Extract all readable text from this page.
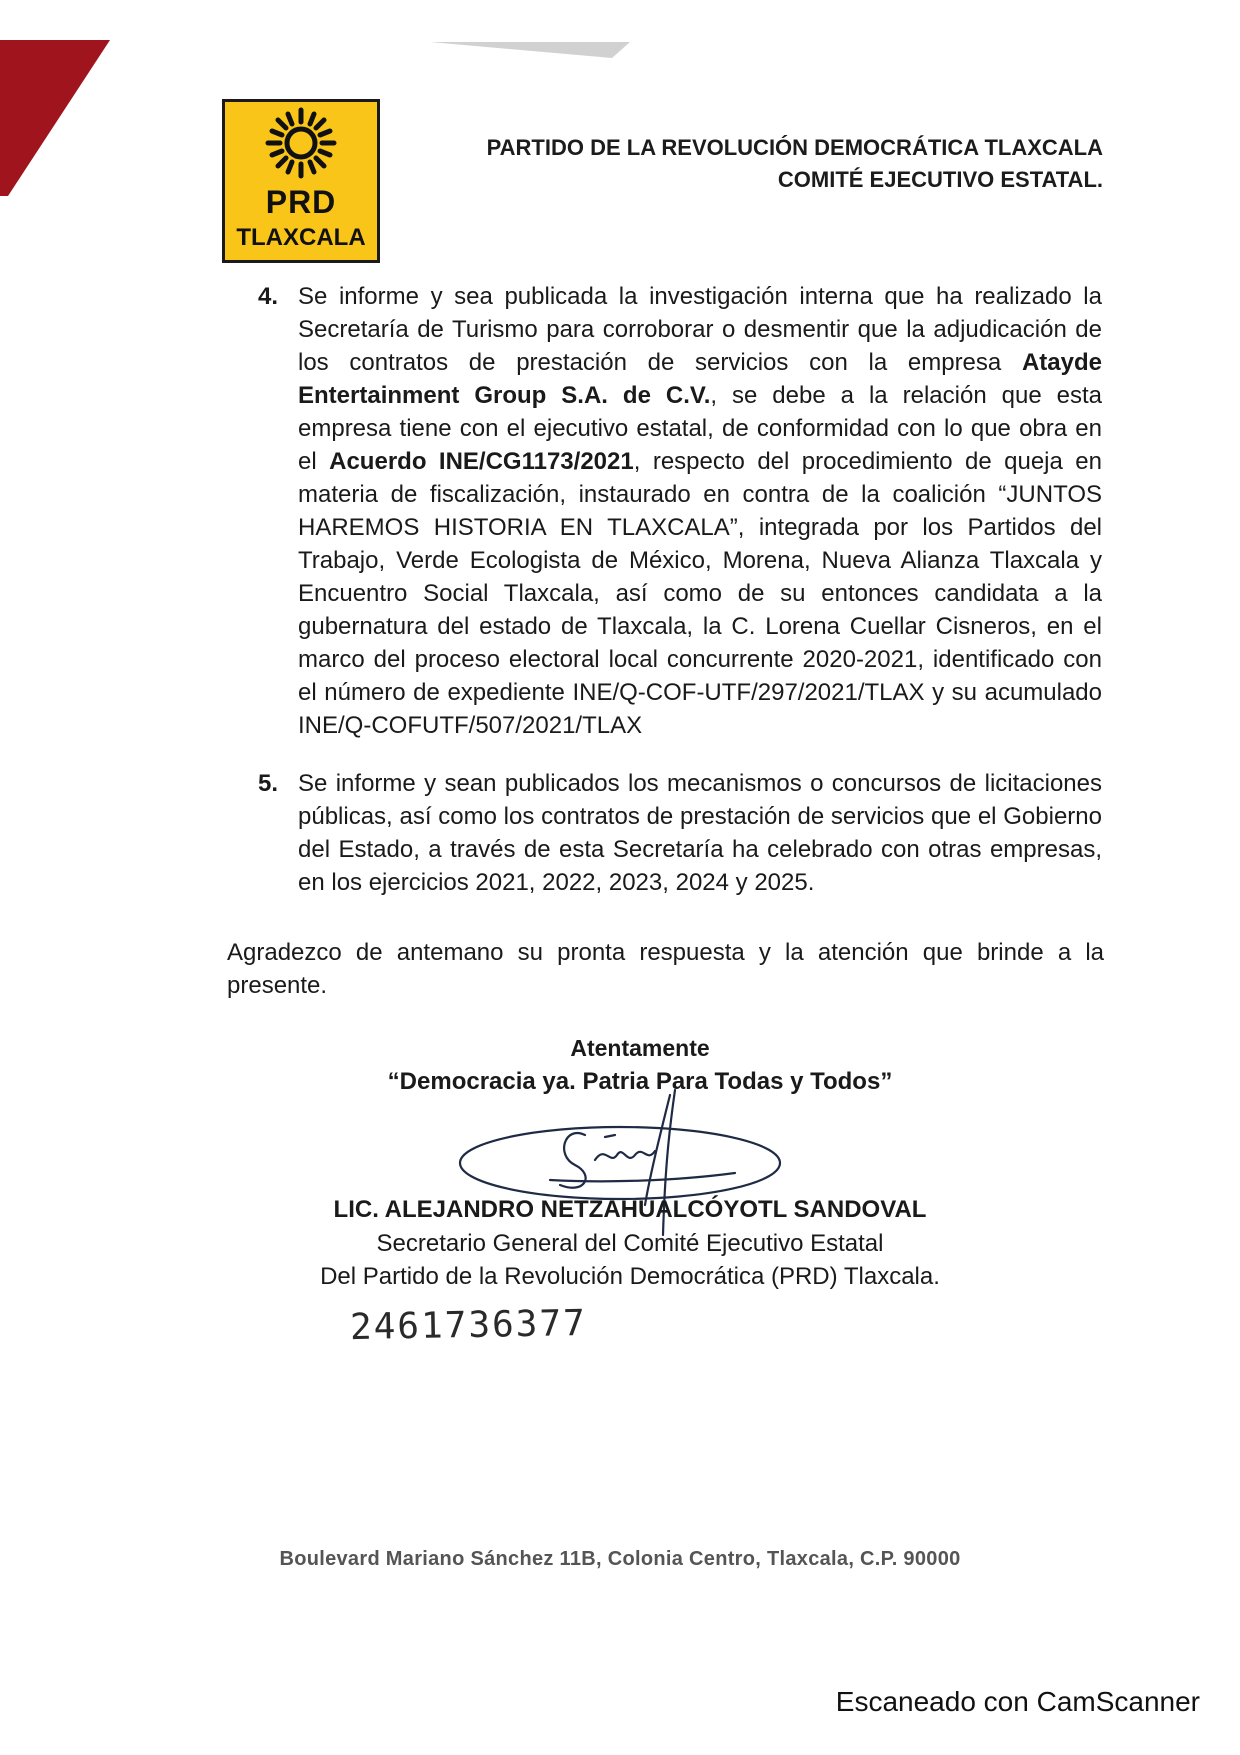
PRD
TLAXCALA
PARTIDO DE LA REVOLUCIÓN DEMOCRÁTICA TLAXCALA
COMITÉ EJECUTIVO ESTATAL.
4. Se informe y sea publicada la investigación interna que ha realizado la Secretaría de Turismo para corroborar o desmentir que la adjudicación de los contratos de prestación de servicios con la empresa Atayde Entertainment Group S.A. de C.V., se debe a la relación que esta empresa tiene con el ejecutivo estatal, de conformidad con lo que obra en el Acuerdo INE/CG1173/2021, respecto del procedimiento de queja en materia de fiscalización, instaurado en contra de la coalición “JUNTOS HAREMOS HISTORIA EN TLAXCALA”, integrada por los Partidos del Trabajo, Verde Ecologista de México, Morena, Nueva Alianza Tlaxcala y Encuentro Social Tlaxcala, así como de su entonces candidata a la gubernatura del estado de Tlaxcala, la C. Lorena Cuellar Cisneros, en el marco del proceso electoral local concurrente 2020-2021, identificado con el número de expediente INE/Q-COF-UTF/297/2021/TLAX y su acumulado INE/Q-COFUTF/507/2021/TLAX
5. Se informe y sean publicados los mecanismos o concursos de licitaciones públicas, así como los contratos de prestación de servicios que el Gobierno del Estado, a través de esta Secretaría ha celebrado con otras empresas, en los ejercicios 2021, 2022, 2023, 2024 y 2025.
Agradezco de antemano su pronta respuesta y la atención que brinde a la presente.
Atentamente
“Democracia ya. Patria Para Todas y Todos”
LIC. ALEJANDRO NETZAHUALCÓYOTL SANDOVAL
Secretario General del Comité Ejecutivo Estatal
Del Partido de la Revolución Democrática (PRD) Tlaxcala.
2461736377
Boulevard Mariano Sánchez 11B, Colonia Centro, Tlaxcala, C.P. 90000
Escaneado con CamScanner
